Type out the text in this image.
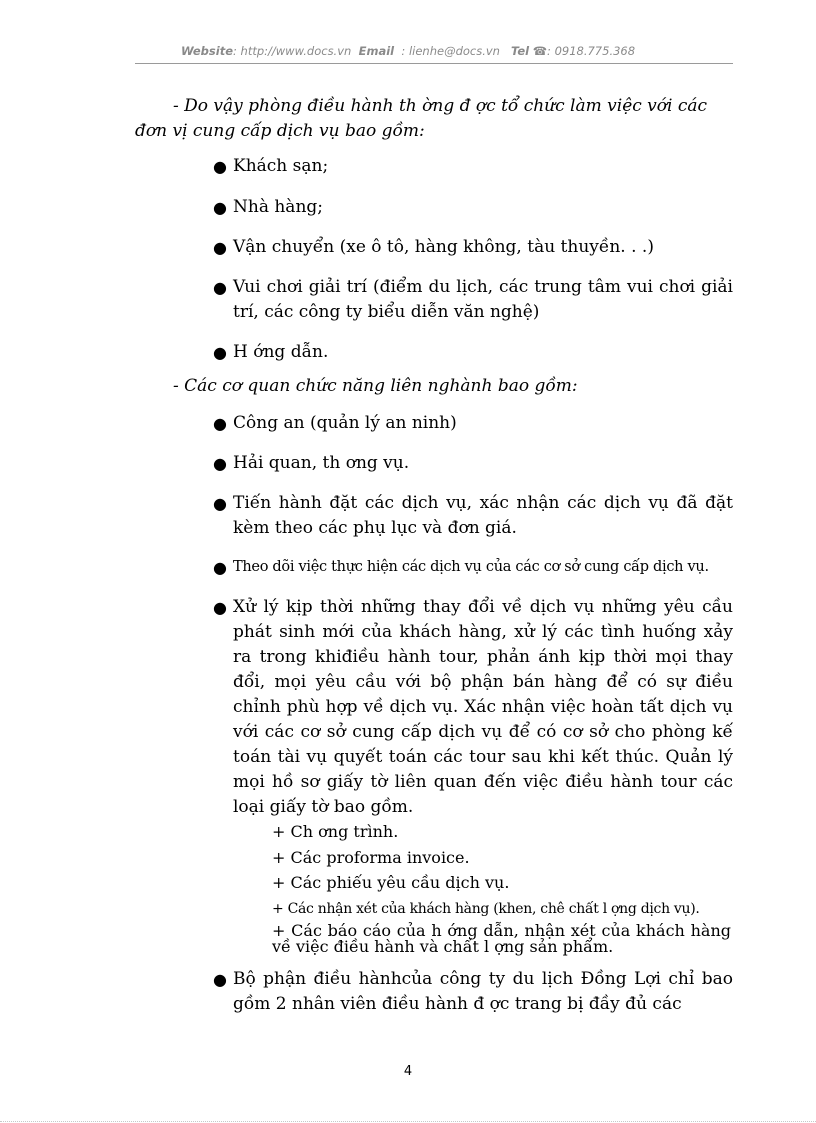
Website: http://www.docs.vn Email : lienhe@docs.vn Tel ☎: 0918.775.368
- Do vậy phòng điều hành th ờng đ ợc tổ chức làm việc với các
đơn vị cung cấp dịch vụ bao gồm:
● Khách sạn;
● Nhà hàng;
● Vận chuyển (xe ô tô, hàng không, tàu thuyền. . .)
● Vui chơi giải trí (điểm du lịch, các trung tâm vui chơi giải trí, các công ty biểu diễn văn nghệ)
● H ớng dẫn.
- Các cơ quan chức năng liên nghành bao gồm:
● Công an (quản lý an ninh)
● Hải quan, th ơng vụ.
● Tiến hành đặt các dịch vụ, xác nhận các dịch vụ đã đặt kèm theo các phụ lục và đơn giá.
● Theo dõi việc thực hiện các dịch vụ của các cơ sở cung cấp dịch vụ.
● Xử lý kịp thời những thay đổi về dịch vụ những yêu cầu phát sinh mới của khách hàng, xử lý các tình huống xảy ra trong khiđiều hành tour, phản ánh kịp thời mọi thay đổi, mọi yêu cầu với bộ phận bán hàng để có sự điều chỉnh phù hợp về dịch vụ. Xác nhận việc hoàn tất dịch vụ với các cơ sở cung cấp dịch vụ để có cơ sở cho phòng kế toán tài vụ quyết toán các tour sau khi kết thúc. Quản lý mọi hồ sơ giấy tờ liên quan đến việc điều hành tour các loại giấy tờ bao gồm.
+ Ch ơng trình.
+ Các proforma invoice.
+ Các phiếu yêu cầu dịch vụ.
+ Các nhận xét của khách hàng (khen, chê chất l ợng dịch vụ).
+ Các báo cáo của h ớng dẫn, nhận xét của khách hàng về việc điều hành và chất l ợng sản phẩm.
● Bộ phận điều hànhcủa công ty du lịch Đồng Lợi chỉ bao gồm 2 nhân viên điều hành đ ợc trang bị đầy đủ các
4
